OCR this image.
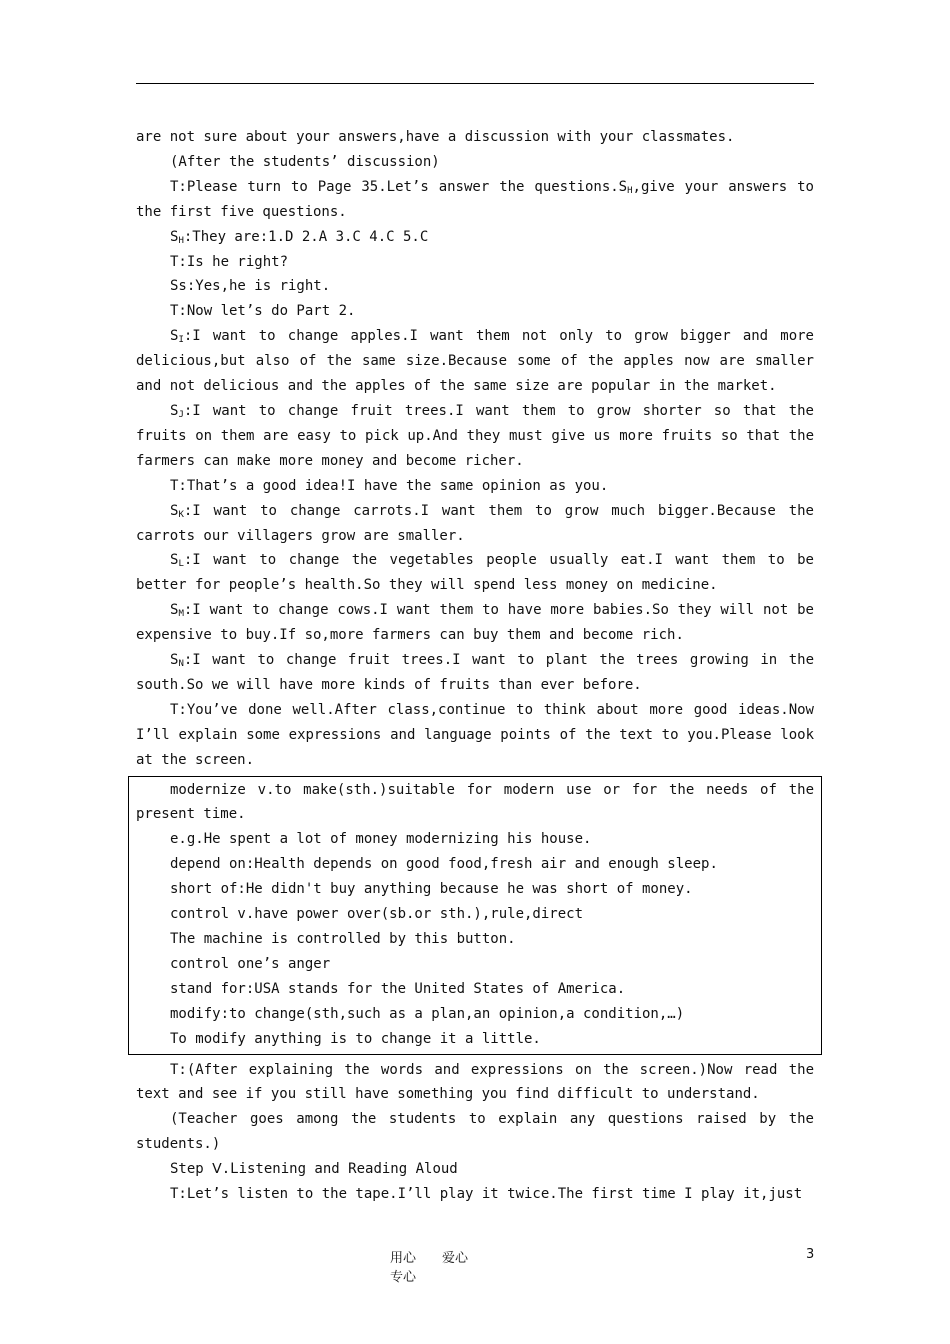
are not sure about your answers,have a discussion with your classmates.

(After the students’ discussion)

T:Please turn to Page 35.Let’s answer the $questions.S_H,give$ your answers to the first five questions.

$S_H:They$ are:1.D 2.A 3.C 4.C 5.C

T:Is he right?

Ss:Yes,he is right.

T:Now let’s do Part 2.

$S_I:I$ want to change apples.I want them not only to grow bigger and more delicious,but also of the same size.Because some of the apples now are smaller and not delicious and the apples of the same size are popular in the market.

$S_J:I$ want to change fruit trees.I want them to grow shorter so that the fruits on them are easy to pick up.And they must give us more fruits so that the farmers can make more money and become richer.

T:That’s a good idea!I have the same opinion as you.

$S_K:I$ want to change carrots.I want them to grow much bigger.Because the carrots our villagers grow are smaller.

$S_L:I$ want to change the vegetables people usually eat.I want them to be better for people’s health.So they will spend less money on medicine.

$S_M:I$ want to change cows.I want them to have more babies.So they will not be expensive to buy.If so,more farmers can buy them and become rich.

$S_N:I$ want to change fruit trees.I want to plant the trees growing in the south.So we will have more kinds of fruits than ever before.

T:You’ve done well.After class,continue to think about more good ideas.Now I’ll explain some expressions and language points of the text to you.Please look at the screen.

modernize v.to make(sth.)suitable for modern use or for the needs of the present time.

e.g.He spent a lot of money modernizing his house.

depend on:Health depends on good food,fresh air and enough sleep.

short of:He didn't buy anything because he was short of money.

control v.have power over(sb.or sth.),rule,direct

The machine is controlled by this button.

control one’s anger

stand for:USA stands for the United States of America.

modify:to change(sth,such as a plan,an opinion,a condition,…)

To modify anything is to change it a little.

T:(After explaining the words and expressions on the screen.)Now read the text and see if you still have something you find difficult to understand.

(Teacher goes among the students to explain any questions raised by the students.)

Step Ⅴ.Listening and Reading Aloud

T:Let’s listen to the tape.I’ll play it twice.The first time I play it,just

用心 爱心专心
3
